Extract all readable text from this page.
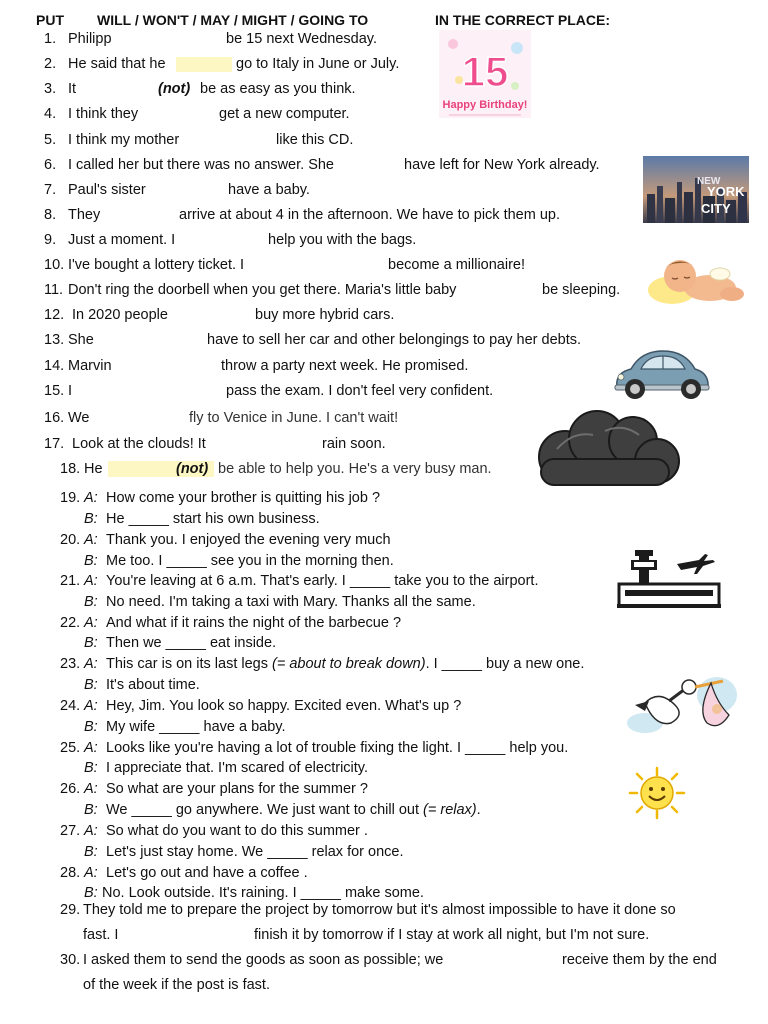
PUT WILL / WON'T / MAY / MIGHT / GOING TO	IN THE CORRECT PLACE:
1. Philipp	be 15 next Wednesday.
2. He said that he	go to Italy in June or July.
3. It	(not) be as easy as you think.
4. I think they	get a new computer.
5. I think my mother	like this CD.
6. I called her but there was no answer. She	have left for New York already.
7. Paul's sister	have a baby.
8. They	arrive at about 4 in the afternoon. We have to pick them up.
9. Just a moment. I	help you with the bags.
10. I've bought a lottery ticket. I	become a millionaire!
11. Don't ring the doorbell when you get there. Maria's little baby	be sleeping.
12. In 2020 people	buy more hybrid cars.
13. She	have to sell her car and other belongings to pay her debts.
14. Marvin	throw a party next week. He promised.
15. I	pass the exam. I don't feel very confident.
16. We	fly to Venice in June. I can't wait!
17. Look at the clouds! It	rain soon.
18. He	(not) be able to help you. He's a very busy man.
19. A: How come your brother is quitting his job ?
B: He _____ start his own business.
20. A: Thank you. I enjoyed the evening very much
B: Me too. I _____ see you in the morning then.
21. A: You're leaving at 6 a.m. That's early. I _____ take you to the airport.
B: No need. I'm taking a taxi with Mary. Thanks all the same.
22. A: And what if it rains the night of the barbecue ?
B: Then we _____ eat inside.
23. A: This car is on its last legs (= about to break down). I _____ buy a new one.
B: It's about time.
24. A: Hey, Jim. You look so happy. Excited even. What's up ?
B: My wife _____ have a baby.
25. A: Looks like you're having a lot of trouble fixing the light. I _____ help you.
B: I appreciate that. I'm scared of electricity.
26. A: So what are your plans for the summer ?
B: We _____ go anywhere. We just want to chill out (= relax).
27. A: So what do you want to do this summer .
B: Let's just stay home. We _____ relax for once.
28. A: Let's go out and have a coffee .
B: No. Look outside. It's raining. I _____ make some.
29. They told me to prepare the project by tomorrow but it's almost impossible to have it done so
fast. I	finish it by tomorrow if I stay at work all night, but I'm not sure.
30. I asked them to send the goods as soon as possible; we	receive them by the end
of the week if the post is fast.
15
Happy Birthday!
NEW
YORK
CITY
